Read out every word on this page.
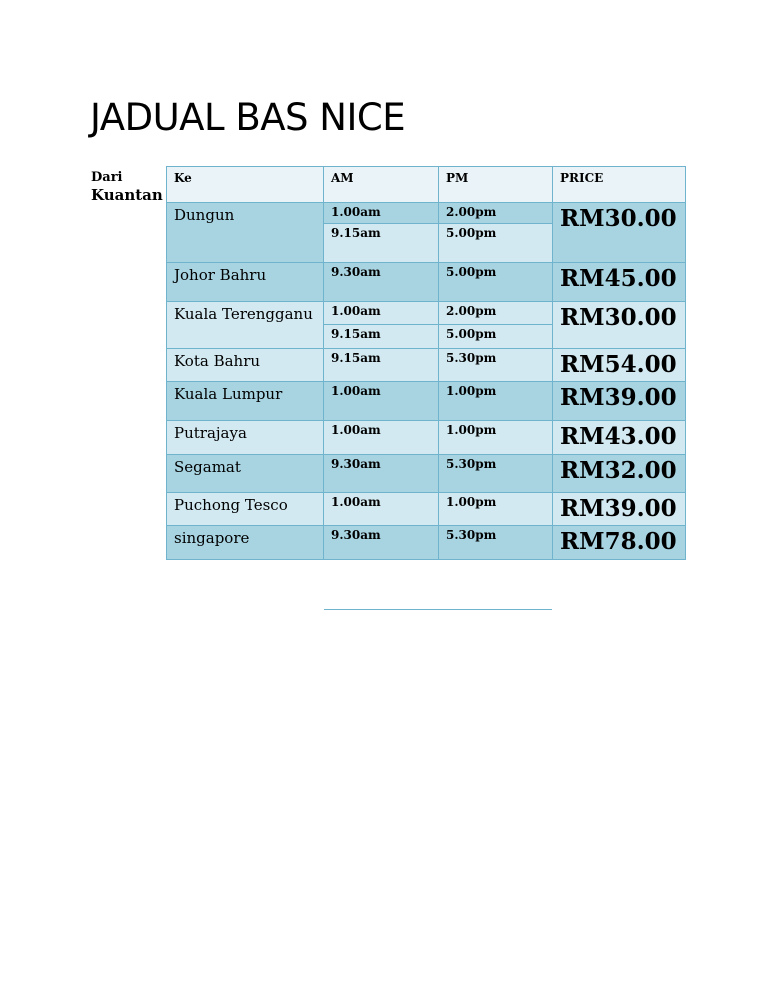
JADUAL BAS NICE
Dari
Kuantan
Ke	AM	PM	PRICE
Dungun	1.00am	2.00pm	RM30.00
	9.15am	5.00pm	
Johor Bahru	9.30am	5.00pm	RM45.00
Kuala Terengganu	1.00am	2.00pm	RM30.00
	9.15am	5.00pm	
Kota Bahru	9.15am	5.30pm	RM54.00
Kuala Lumpur	1.00am	1.00pm	RM39.00
Putrajaya	1.00am	1.00pm	RM43.00
Segamat	9.30am	5.30pm	RM32.00
Puchong Tesco	1.00am	1.00pm	RM39.00
singapore	9.30am	5.30pm	RM78.00
